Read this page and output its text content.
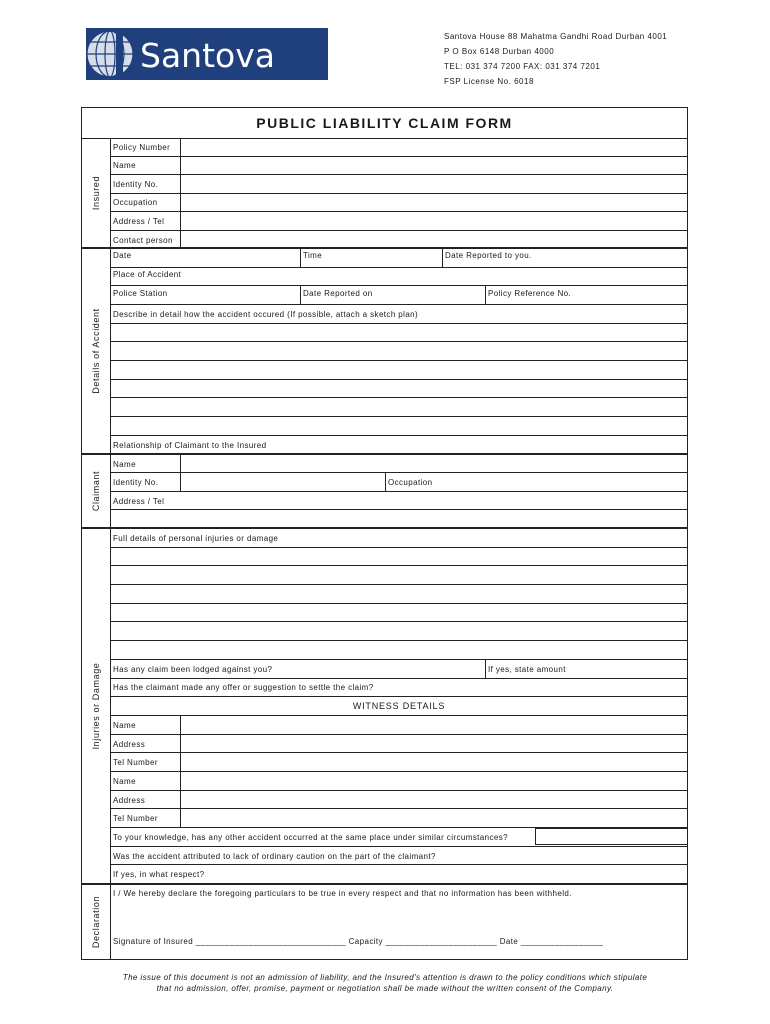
Santova	Santova House 88 Mahatma Gandhi Road Durban 4001
P O Box 6148 Durban 4000
TEL: 031 374 7200 FAX: 031 374 7201
FSP License No. 6018
PUBLIC LIABILITY CLAIM FORM
Insured
Details of Accident
Claimant
Injuries or Damage
Declaration
Policy Number
Name
Identity No.
Occupation
Address / Tel
Contact person
Date	Time	Date Reported to you.
Place of Accident
Police Station	Date Reported on	Policy Reference No.
Describe in detail how the accident occured (If possible, attach a sketch plan)
Relationship of Claimant to the Insured
Name
Identity No.	Occupation
Address / Tel
Full details of personal injuries or damage
Has any claim been lodged against you?	If yes, state amount
Has the claimant made any offer or suggestion to settle the claim?
WITNESS DETAILS
Name
Address
Tel Number
Name
Address
Tel Number
To your knowledge, has any other accident occurred at the same place under similar circumstances?
Was the accident attributed to lack of ordinary caution on the part of the claimant?
If yes, in what respect?
I / We hereby declare the foregoing particulars to be true in every respect and that no information has been withheld.
Signature of Insured _______________________________ Capacity _______________________ Date _________________
The issue of this document is not an admission of liability, and the Insured's attention is drawn to the policy conditions which stipulate
that no admission, offer, promise, payment or negotiation shall be made without the written consent of the Company.
